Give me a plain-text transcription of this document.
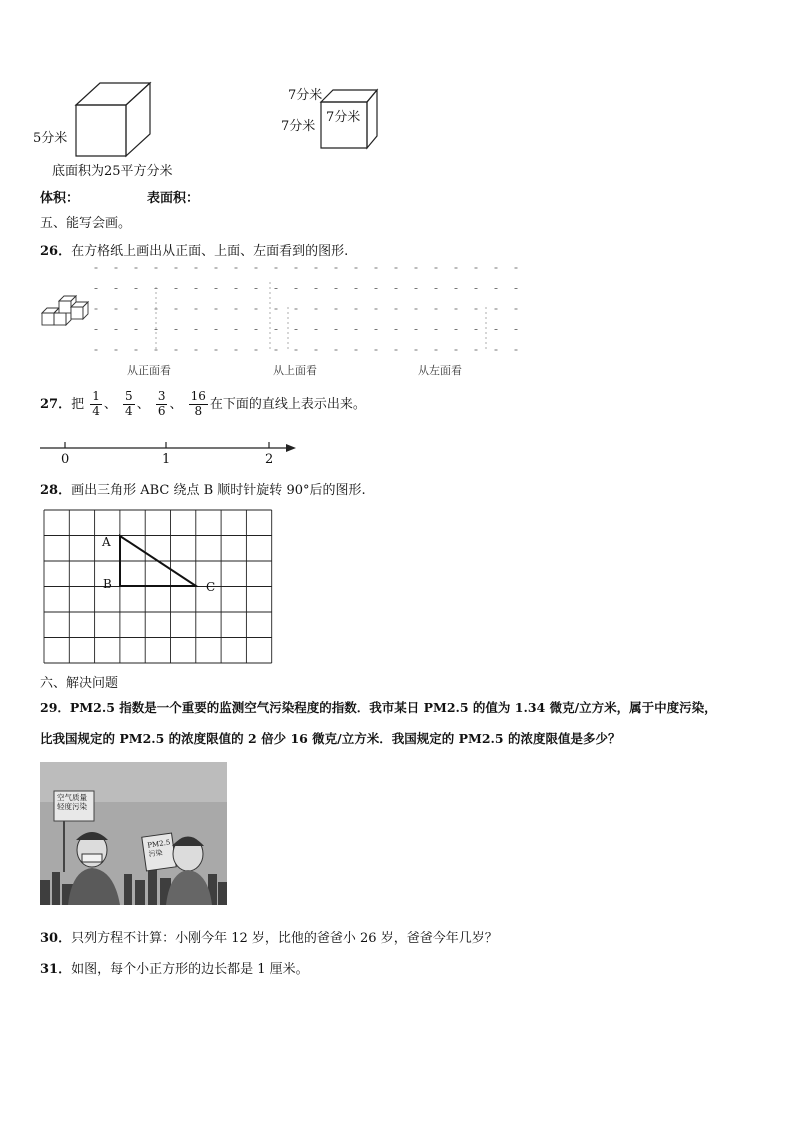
5分米
底面积为25平方分米
7分米
7分米
7分米
体积：	表面积：
五、能写会画。
26．在方格纸上画出从正面、上面、左面看到的图形.
从正面看	从上面看	从左面看
27．把 $\frac{1}{4}$ 、 $\frac{5}{4}$ 、 $\frac{3}{6}$ 、 $\frac{16}{8}$ 在下面的直线上表示出来。
0	1	2
28．画出三角形 ABC 绕点 B 顺时针旋转 90°后的图形.
A
B	C
六、解决问题
29．PM2.5 指数是一个重要的监测空气污染程度的指数．我市某日 PM2.5 的值为 1.34 微克/立方米，属于中度污染，
比我国规定的 PM2.5 的浓度限值的 2 倍少 16 微克/立方米．我国规定的 PM2.5 的浓度限值是多少？
空气质量
轻度污染
PM2.5
污染
30．只列方程不计算：小刚今年 12 岁，比他的爸爸小 26 岁，爸爸今年几岁？
31．如图，每个小正方形的边长都是 1 厘米。
